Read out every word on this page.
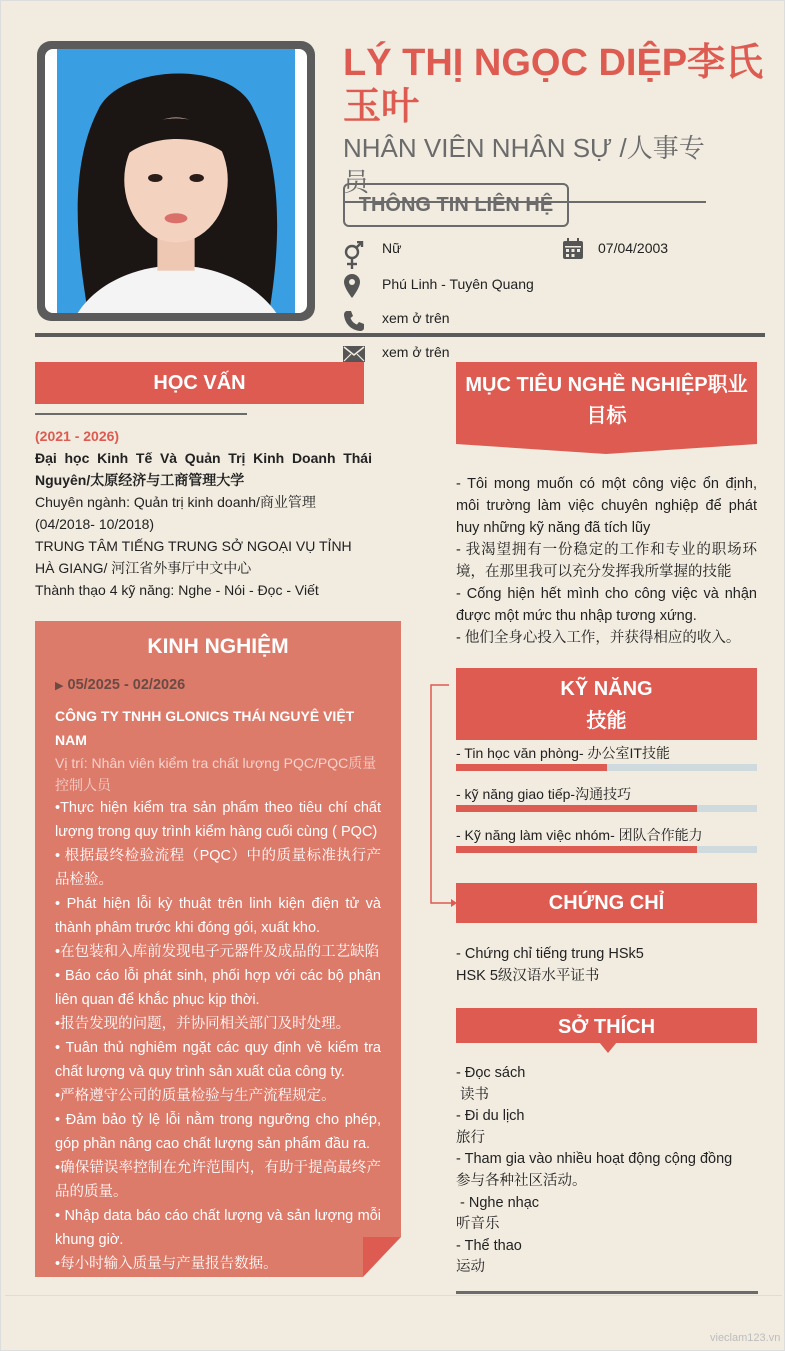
LÝ THỊ NGỌC DIỆP李氏玉叶
NHÂN VIÊN NHÂN SỰ /人事专员
THÔNG TIN LIÊN HỆ
Nữ	07/04/2003
Phú Linh - Tuyên Quang
xem ở trên
xem ở trên
HỌC VẤN
(2021 - 2026)
Đại học Kinh Tế Và Quản Trị Kinh Doanh Thái Nguyên/太原经济与工商管理大学
Chuyên ngành: Quản trị kinh doanh/商业管理
(04/2018- 10/2018)
TRUNG TÂM TIẾNG TRUNG SỞ NGOẠI VỤ TỈNH HÀ GIANG/ 河江省外事厅中文中心
Thành thạo 4 kỹ năng: Nghe - Nói - Đọc - Viết
KINH NGHIỆM
▶ 05/2025 - 02/2026
CÔNG TY TNHH GLONICS THÁI NGUYÊ VIỆT NAM
Vị trí: Nhân viên kiểm tra chất lượng PQC/PQC质量控制人员
•Thực hiện kiểm tra sản phẩm theo tiêu chí chất lượng trong quy trình kiểm hàng cuối cùng ( PQC)
• 根据最终检验流程（PQC）中的质量标准执行产品检验。
• Phát hiện lỗi kỳ thuật trên linh kiện điện tử và thành phâm trước khi đóng gói, xuất kho.
•在包装和入库前发现电子元器件及成品的工艺缺陷
• Báo cáo lỗi phát sinh, phối hợp với các bộ phận liên quan để khắc phục kịp thời.
•报告发现的问题，并协同相关部门及时处理。
• Tuân thủ nghiêm ngặt các quy định về kiểm tra chất lượng và quy trình sản xuất của công ty.
•严格遵守公司的质量检验与生产流程规定。
• Đảm bảo tỷ lệ lỗi nằm trong ngưỡng cho phép, góp phần nâng cao chất lượng sản phẩm đầu ra.
•确保错误率控制在允许范围内，有助于提高最终产品的质量。
• Nhập data báo cáo chất lượng và sản lượng mỗi khung giờ.
•每小时输入质量与产量报告数据。
MỤC TIÊU NGHỀ NGHIỆP职业目标
- Tôi mong muốn có một công việc ổn định, môi trường làm việc chuyên nghiệp để phát huy những kỹ năng đã tích lũy
- 我渴望拥有一份稳定的工作和专业的职场环境，在那里我可以充分发挥我所掌握的技能
- Cống hiện hết mình cho công việc và nhận được một mức thu nhập tương xứng.
- 他们全身心投入工作，并获得相应的收入。
KỸ NĂNG
技能
- Tin học văn phòng- 办公室IT技能
- kỹ năng giao tiếp-沟通技巧
- Kỹ năng làm việc nhóm- 团队合作能力
CHỨNG CHỈ
- Chứng chỉ tiếng trung HSk5
HSK 5级汉语水平证书
SỞ THÍCH
- Đọc sách
读书
- Đi du lịch
旅行
- Tham gia vào nhiều hoạt động cộng đồng
参与各种社区活动。
- Nghe nhạc
听音乐
- Thể thao
运动
vieclam123.vn
